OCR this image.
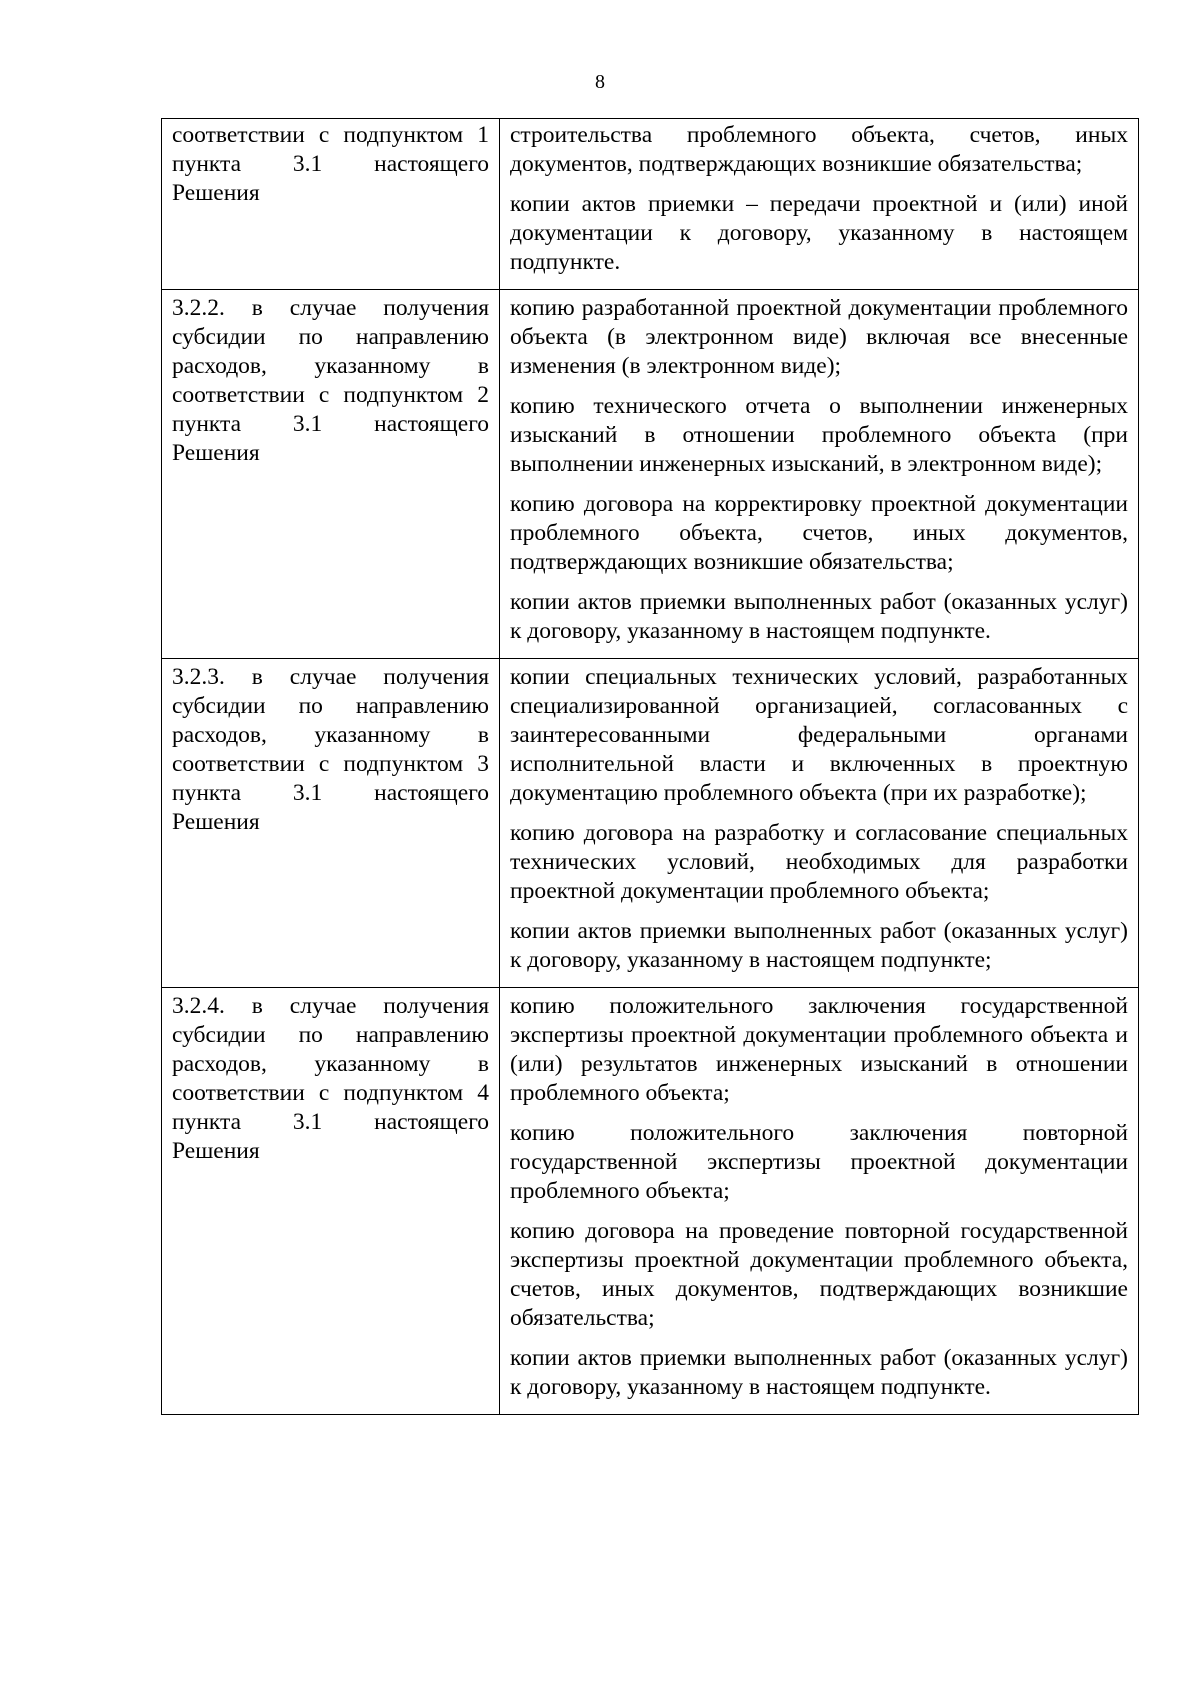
8
соответствии с подпунктом 1 пункта 3.1 настоящего Решения	строительства проблемного объекта, счетов, иных документов, подтверждающих возникшие обязательства;
копии актов приемки – передачи проектной и (или) иной документации к договору, указанному в настоящем подпункте.

3.2.2. в случае получения субсидии по направлению расходов, указанному в соответствии с подпунктом 2 пункта 3.1 настоящего Решения	копию разработанной проектной документации проблемного объекта (в электронном виде) включая все внесенные изменения (в электронном виде);
копию технического отчета о выполнении инженерных изысканий в отношении проблемного объекта (при выполнении инженерных изысканий, в электронном виде);
копию договора на корректировку проектной документации проблемного объекта, счетов, иных документов, подтверждающих возникшие обязательства;
копии актов приемки выполненных работ (оказанных услуг) к договору, указанному в настоящем подпункте.

3.2.3. в случае получения субсидии по направлению расходов, указанному в соответствии с подпунктом 3 пункта 3.1 настоящего Решения	копии специальных технических условий, разработанных специализированной организацией, согласованных с заинтересованными федеральными органами исполнительной власти и включенных в проектную документацию проблемного объекта (при их разработке);
копию договора на разработку и согласование специальных технических условий, необходимых для разработки проектной документации проблемного объекта;
копии актов приемки выполненных работ (оказанных услуг) к договору, указанному в настоящем подпункте;

3.2.4. в случае получения субсидии по направлению расходов, указанному в соответствии с подпунктом 4 пункта 3.1 настоящего Решения	копию положительного заключения государственной экспертизы проектной документации проблемного объекта и (или) результатов инженерных изысканий в отношении проблемного объекта;
копию положительного заключения повторной государственной экспертизы проектной документации проблемного объекта;
копию договора на проведение повторной государственной экспертизы проектной документации проблемного объекта, счетов, иных документов, подтверждающих возникшие обязательства;
копии актов приемки выполненных работ (оказанных услуг) к договору, указанному в настоящем подпункте.
